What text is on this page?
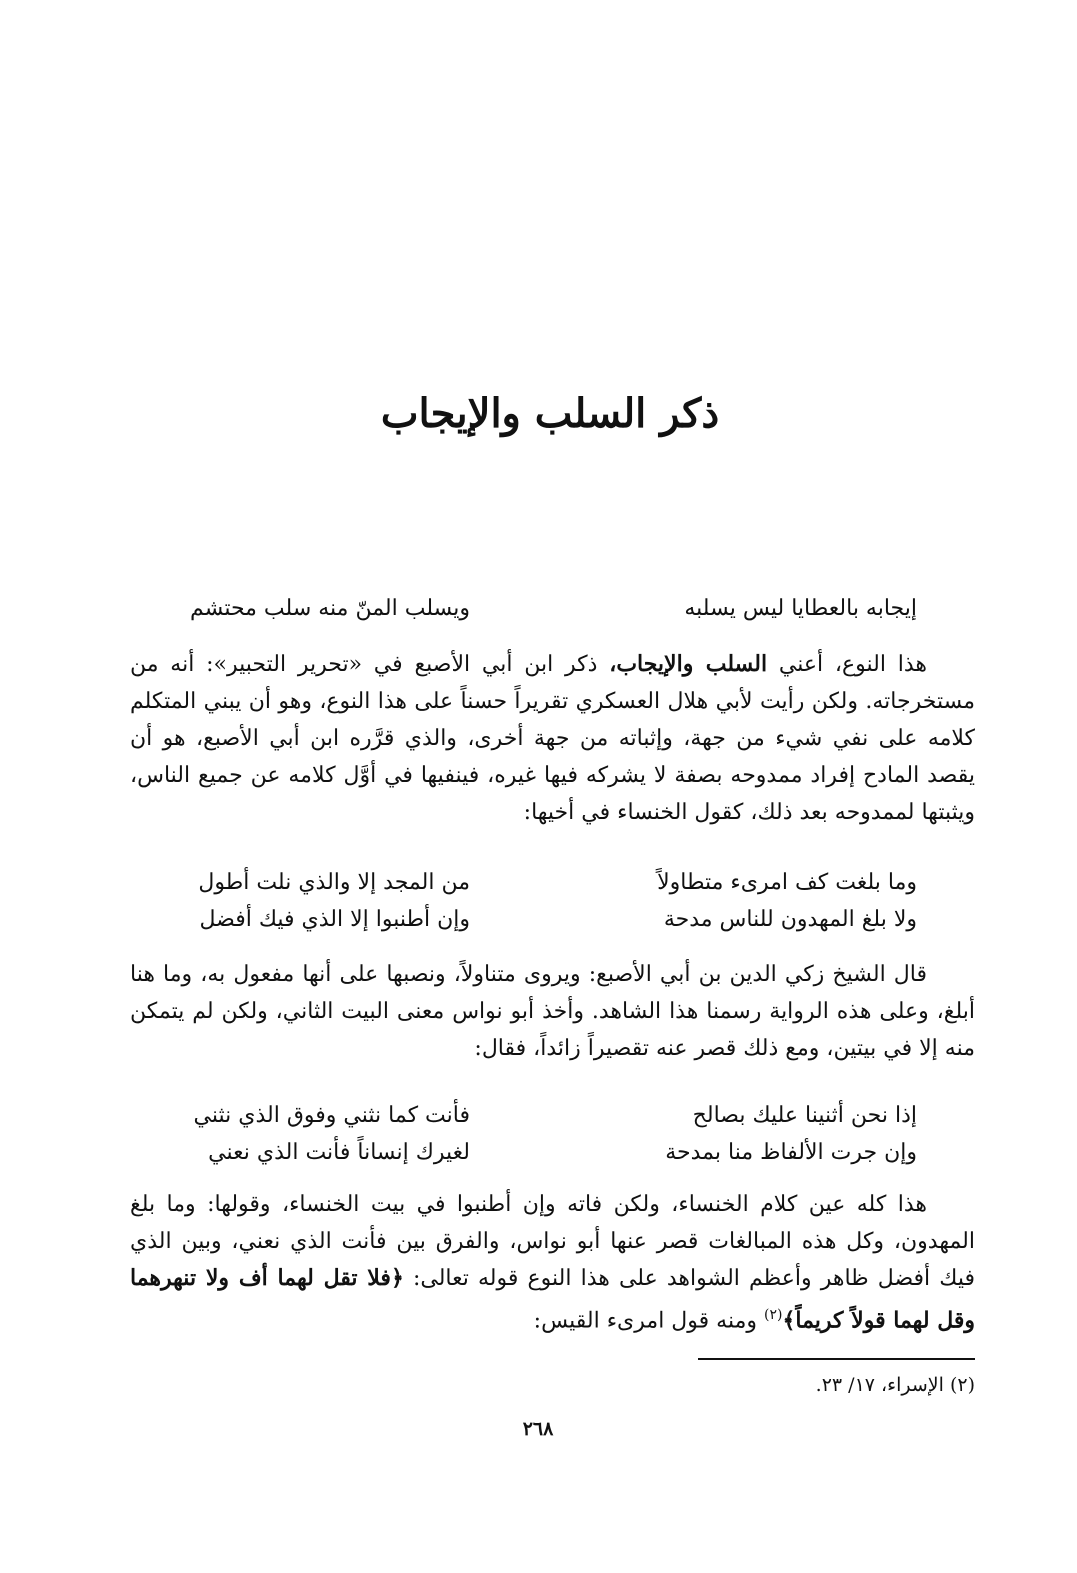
ذكر السلب والإيجاب
إيجابه بالعطايا ليس يسلبه
ويسلب المنّ منه سلب محتشم

هذا النوع، أعني السلب والإيجاب، ذكر ابن أبي الأصبع في «تحرير التحبير»: أنه من مستخرجاته. ولكن رأيت لأبي هلال العسكري تقريراً حسناً على هذا النوع، وهو أن يبني المتكلم كلامه على نفي شيء من جهة، وإثباته من جهة أخرى، والذي قرَّره ابن أبي الأصبع، هو أن يقصد المادح إفراد ممدوحه بصفة لا يشركه فيها غيره، فينفيها في أوَّل كلامه عن جميع الناس، ويثبتها لممدوحه بعد ذلك، كقول الخنساء في أخيها:

وما بلغت كف امرىء متطاولاً
من المجد إلا والذي نلت أطول
ولا بلغ المهدون للناس مدحة
وإن أطنبوا إلا الذي فيك أفضل

قال الشيخ زكي الدين بن أبي الأصبع: ويروى متناولاً، ونصبها على أنها مفعول به، وما هنا أبلغ، وعلى هذه الرواية رسمنا هذا الشاهد. وأخذ أبو نواس معنى البيت الثاني، ولكن لم يتمكن منه إلا في بيتين، ومع ذلك قصر عنه تقصيراً زائداً، فقال:

إذا نحن أثنينا عليك بصالح
فأنت كما نثني وفوق الذي نثني
وإن جرت الألفاظ منا بمدحة
لغيرك إنساناً فأنت الذي نعني

هذا كله عين كلام الخنساء، ولكن فاته وإن أطنبوا في بيت الخنساء، وقولها: وما بلغ المهدون، وكل هذه المبالغات قصر عنها أبو نواس، والفرق بين فأنت الذي نعني، وبين الذي فيك أفضل ظاهر وأعظم الشواهد على هذا النوع قوله تعالى: ﴿فلا تقل لهما أف ولا تنهرهما وقل لهما قولاً كريماً﴾$^{(٢)}$ ومنه قول امرىء القيس:

(٢) الإسراء، ١٧/ ٢٣.
٢٦٨
